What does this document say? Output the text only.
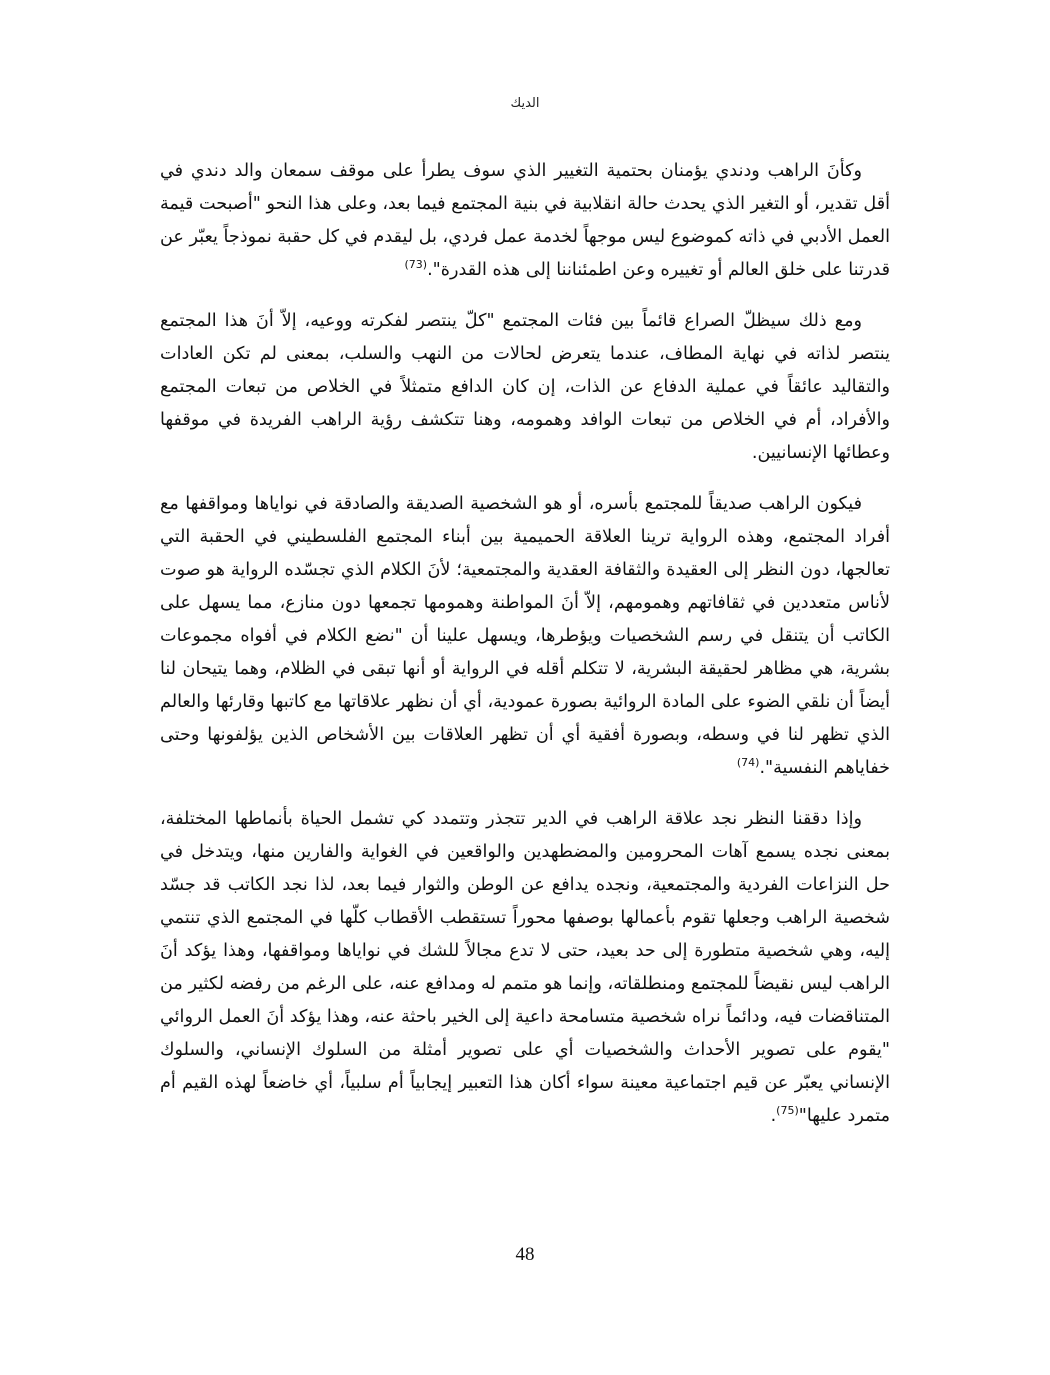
الديك

وكأنَ الراهب ودندي يؤمنان بحتمية التغيير الذي سوف يطرأ على موقف سمعان والد دندي في أقل تقدير، أو التغير الذي يحدث حالة انقلابية في بنية المجتمع فيما بعد، وعلى هذا النحو "أصبحت قيمة العمل الأدبي في ذاته كموضوع ليس موجهاً لخدمة عمل فردي، بل ليقدم في كل حقبة نموذجاً يعبّر عن قدرتنا على خلق العالم أو تغييره وعن اطمئناننا إلى هذه القدرة".$^{(73)}$

ومع ذلك سيظلّ الصراع قائماً بين فئات المجتمع "كلّ ينتصر لفكرته ووعيه، إلاّ أنَ هذا المجتمع ينتصر لذاته في نهاية المطاف، عندما يتعرض لحالات من النهب والسلب، بمعنى لم تكن العادات والتقاليد عائقاً في عملية الدفاع عن الذات، إن كان الدافع متمثلاً في الخلاص من تبعات المجتمع والأفراد، أم في الخلاص من تبعات الوافد وهمومه، وهنا تتكشف رؤية الراهب الفريدة في موقفها وعطائها الإنسانيين.

فيكون الراهب صديقاً للمجتمع بأسره، أو هو الشخصية الصديقة والصادقة في نواياها ومواقفها مع أفراد المجتمع، وهذه الرواية ترينا العلاقة الحميمية بين أبناء المجتمع الفلسطيني في الحقبة التي تعالجها، دون النظر إلى العقيدة والثقافة العقدية والمجتمعية؛ لأنَ الكلام الذي تجسّده الرواية هو صوت لأناس متعددين في ثقافاتهم وهمومهم، إلاّ أنَ المواطنة وهمومها تجمعها دون منازع، مما يسهل على الكاتب أن يتنقل في رسم الشخصيات ويؤطرها، ويسهل علينا أن "نضع الكلام في أفواه مجموعات بشرية، هي مظاهر لحقيقة البشرية، لا تتكلم أقله في الرواية أو أنها تبقى في الظلام، وهما يتيحان لنا أيضاً أن نلقي الضوء على المادة الروائية بصورة عمودية، أي أن نظهر علاقاتها مع كاتبها وقارئها والعالم الذي تظهر لنا في وسطه، وبصورة أفقية أي أن تظهر العلاقات بين الأشخاص الذين يؤلفونها وحتى خفاياهم النفسية".$^{(74)}$

وإذا دققنا النظر نجد علاقة الراهب في الدير تتجذر وتتمدد كي تشمل الحياة بأنماطها المختلفة، بمعنى نجده يسمع آهات المحرومين والمضطهدين والواقعين في الغواية والفارين منها، ويتدخل في حل النزاعات الفردية والمجتمعية، ونجده يدافع عن الوطن والثوار فيما بعد، لذا نجد الكاتب قد جسّد شخصية الراهب وجعلها تقوم بأعمالها بوصفها محوراً تستقطب الأقطاب كلّها في المجتمع الذي تنتمي إليه، وهي شخصية متطورة إلى حد بعيد، حتى لا تدع مجالاً للشك في نواياها ومواقفها، وهذا يؤكد أنَ الراهب ليس نقيضاً للمجتمع ومنطلقاته، وإنما هو متمم له ومدافع عنه، على الرغم من رفضه لكثير من المتناقضات فيه، ودائماً نراه شخصية متسامحة داعية إلى الخير باحثة عنه، وهذا يؤكد أنَ العمل الروائي "يقوم على تصوير الأحداث والشخصيات أي على تصوير أمثلة من السلوك الإنساني، والسلوك الإنساني يعبّر عن قيم اجتماعية معينة سواء أكان هذا التعبير إيجابياً أم سلبياً، أي خاضعاً لهذه القيم أم متمرد عليها"$^{(75)}$.

48
